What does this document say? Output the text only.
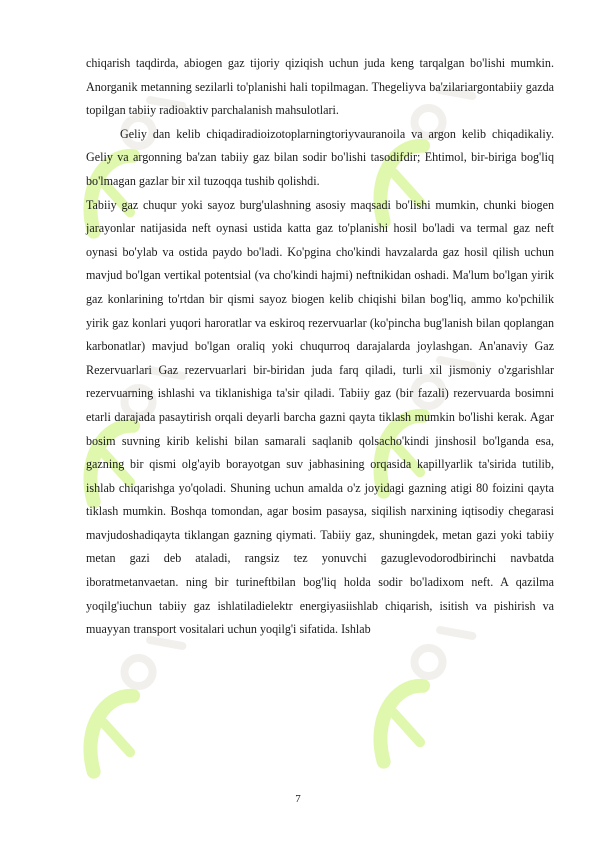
chiqarish taqdirda, abiogen gaz tijoriy qiziqish uchun juda keng tarqalgan bo'lishi mumkin. Anorganik metanning sezilarli to'planishi hali topilmagan. Thegeliyva ba'zilariargontabiiy gazda topilgan tabiiy radioaktiv parchalanish mahsulotlari.

Geliy dan kelib chiqadiradioizotoplarningtoriyvauranoila va argon kelib chiqadikaliy. Geliy va argonning ba'zan tabiiy gaz bilan sodir bo'lishi tasodifdir; Ehtimol, bir-biriga bog'liq bo'lmagan gazlar bir xil tuzoqqa tushib qolishdi.

Tabiiy gaz chuqur yoki sayoz burg'ulashning asosiy maqsadi bo'lishi mumkin, chunki biogen jarayonlar natijasida neft oynasi ustida katta gaz to'planishi hosil bo'ladi va termal gaz neft oynasi bo'ylab va ostida paydo bo'ladi. Ko'pgina cho'kindi havzalarda gaz hosil qilish uchun mavjud bo'lgan vertikal potentsial (va cho'kindi hajmi) neftnikidan oshadi. Ma'lum bo'lgan yirik gaz konlarining to'rtdan bir qismi sayoz biogen kelib chiqishi bilan bog'liq, ammo ko'pchilik yirik gaz konlari yuqori haroratlar va eskiroq rezervuarlar (ko'pincha bug'lanish bilan qoplangan karbonatlar) mavjud bo'lgan oraliq yoki chuqurroq darajalarda joylashgan. An'anaviy Gaz Rezervuarlari Gaz rezervuarlari bir-biridan juda farq qiladi, turli xil jismoniy o'zgarishlar rezervuarning ishlashi va tiklanishiga ta'sir qiladi. Tabiiy gaz (bir fazali) rezervuarda bosimni etarli darajada pasaytirish orqali deyarli barcha gazni qayta tiklash mumkin bo'lishi kerak. Agar bosim suvning kirib kelishi bilan samarali saqlanib qolsacho'kindi jinshosil bo'lganda esa, gazning bir qismi olg'ayib borayotgan suv jabhasining orqasida kapillyarlik ta'sirida tutilib, ishlab chiqarishga yo'qoladi. Shuning uchun amalda o'z joyidagi gazning atigi 80 foizini qayta tiklash mumkin. Boshqa tomondan, agar bosim pasaysa, siqilish narxining iqtisodiy chegarasi mavjudoshadiqayta tiklangan gazning qiymati. Tabiiy gaz, shuningdek, metan gazi yoki tabiiy metan gazi deb ataladi, rangsiz tez yonuvchi gazuglevodorodbirinchi navbatda iboratmetanvaetan. ning bir turineftbilan bog'liq holda sodir bo'ladixom neft. A qazilma yoqilg'iuchun tabiiy gaz ishlatiladielektr energiyasiishlab chiqarish, isitish va pishirish va muayyan transport vositalari uchun yoqilg'i sifatida. Ishlab

7
